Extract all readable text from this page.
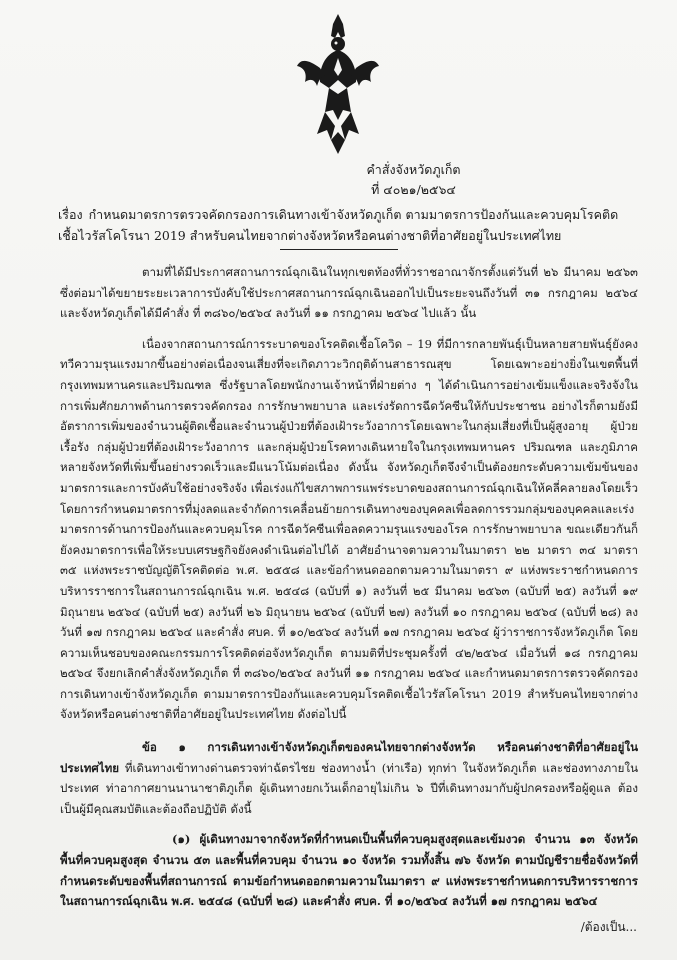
คำสั่งจังหวัดภูเก็ต
ที่ ๔๐๒๑/๒๕๖๔
เรื่อง กำหนดมาตรการตรวจคัดกรองการเดินทางเข้าจังหวัดภูเก็ต ตามมาตรการป้องกันและควบคุมโรคติดเชื้อไวรัสโคโรนา 2019 สำหรับคนไทยจากต่างจังหวัดหรือคนต่างชาติที่อาศัยอยู่ในประเทศไทย

ตามที่ได้มีประกาศสถานการณ์ฉุกเฉินในทุกเขตท้องที่ทั่วราชอาณาจักรตั้งแต่วันที่ ๒๖ มีนาคม ๒๕๖๓ ซึ่งต่อมาได้ขยายระยะเวลาการบังคับใช้ประกาศสถานการณ์ฉุกเฉินออกไปเป็นระยะจนถึงวันที่ ๓๑ กรกฎาคม ๒๕๖๔ และจังหวัดภูเก็ตได้มีคำสั่ง ที่ ๓๘๖๐/๒๕๖๔ ลงวันที่ ๑๑ กรกฎาคม ๒๕๖๔ ไปแล้ว นั้น

เนื่องจากสถานการณ์การระบาดของโรคติดเชื้อโควิด – 19 ที่มีการกลายพันธุ์เป็นหลายสายพันธุ์ยังคงทวีความรุนแรงมากขึ้นอย่างต่อเนื่องจนเสี่ยงที่จะเกิดภาวะวิกฤติด้านสาธารณสุข โดยเฉพาะอย่างยิ่งในเขตพื้นที่กรุงเทพมหานครและปริมณฑล ซึ่งรัฐบาลโดยพนักงานเจ้าหน้าที่ฝ่ายต่าง ๆ ได้ดำเนินการอย่างเข้มแข็งและจริงจังในการเพิ่มศักยภาพด้านการตรวจคัดกรอง การรักษาพยาบาล และเร่งรัดการฉีดวัคซีนให้กับประชาชน อย่างไรก็ตามยังมีอัตราการเพิ่มของจำนวนผู้ติดเชื้อและจำนวนผู้ป่วยที่ต้องเฝ้าระวังอาการโดยเฉพาะในกลุ่มเสี่ยงที่เป็นผู้สูงอายุ ผู้ป่วยเรื้อรัง กลุ่มผู้ป่วยที่ต้องเฝ้าระวังอาการ และกลุ่มผู้ป่วยโรคทางเดินหายใจในกรุงเทพมหานคร ปริมณฑล และภูมิภาคหลายจังหวัดที่เพิ่มขึ้นอย่างรวดเร็วและมีแนวโน้มต่อเนื่อง ดังนั้น จังหวัดภูเก็ตจึงจำเป็นต้องยกระดับความเข้มข้นของมาตรการและการบังคับใช้อย่างจริงจัง เพื่อเร่งแก้ไขสภาพการแพร่ระบาดของสถานการณ์ฉุกเฉินให้คลี่คลายลงโดยเร็ว โดยการกำหนดมาตรการที่มุ่งลดและจำกัดการเคลื่อนย้ายการเดินทางของบุคคลเพื่อลดการรวมกลุ่มของบุคคลและเร่งมาตรการด้านการป้องกันและควบคุมโรค การฉีดวัคซีนเพื่อลดความรุนแรงของโรค การรักษาพยาบาล ขณะเดียวกันก็ยังคงมาตรการเพื่อให้ระบบเศรษฐกิจยังคงดำเนินต่อไปได้ อาศัยอำนาจตามความในมาตรา ๒๒ มาตรา ๓๔ มาตรา ๓๕ แห่งพระราชบัญญัติโรคติดต่อ พ.ศ. ๒๕๕๘ และข้อกำหนดออกตามความในมาตรา ๙ แห่งพระราชกำหนดการบริหารราชการในสถานการณ์ฉุกเฉิน พ.ศ. ๒๕๔๘ (ฉบับที่ ๑) ลงวันที่ ๒๕ มีนาคม ๒๕๖๓ (ฉบับที่ ๒๕) ลงวันที่ ๑๙ มิถุนายน ๒๕๖๔ (ฉบับที่ ๒๕) ลงวันที่ ๒๖ มิถุนายน ๒๕๖๔ (ฉบับที่ ๒๗) ลงวันที่ ๑๐ กรกฎาคม ๒๕๖๔ (ฉบับที่ ๒๘) ลงวันที่ ๑๗ กรกฎาคม ๒๕๖๔ และคำสั่ง ศบค. ที่ ๑๐/๒๕๖๔ ลงวันที่ ๑๗ กรกฎาคม ๒๕๖๔ ผู้ว่าราชการจังหวัดภูเก็ต โดยความเห็นชอบของคณะกรรมการโรคติดต่อจังหวัดภูเก็ต ตามมติที่ประชุมครั้งที่ ๔๒/๒๕๖๔ เมื่อวันที่ ๑๘ กรกฎาคม ๒๕๖๔ จึงยกเลิกคำสั่งจังหวัดภูเก็ต ที่ ๓๘๖๐/๒๕๖๔ ลงวันที่ ๑๑ กรกฎาคม ๒๕๖๔ และกำหนดมาตรการตรวจคัดกรองการเดินทางเข้าจังหวัดภูเก็ต ตามมาตรการป้องกันและควบคุมโรคติดเชื้อไวรัสโคโรนา 2019 สำหรับคนไทยจากต่างจังหวัดหรือคนต่างชาติที่อาศัยอยู่ในประเทศไทย ดังต่อไปนี้

ข้อ ๑ การเดินทางเข้าจังหวัดภูเก็ตของคนไทยจากต่างจังหวัด หรือคนต่างชาติที่อาศัยอยู่ในประเทศไทย ที่เดินทางเข้าทางด่านตรวจท่าฉัตรไชย ช่องทางน้ำ (ท่าเรือ) ทุกท่า ในจังหวัดภูเก็ต และช่องทางภายในประเทศ ท่าอากาศยานนานาชาติภูเก็ต ผู้เดินทางยกเว้นเด็กอายุไม่เกิน ๖ ปีที่เดินทางมากับผู้ปกครองหรือผู้ดูแล ต้องเป็นผู้มีคุณสมบัติและต้องถือปฏิบัติ ดังนี้

(๑) ผู้เดินทางมาจากจังหวัดที่กำหนดเป็นพื้นที่ควบคุมสูงสุดและเข้มงวด จำนวน ๑๓ จังหวัด พื้นที่ควบคุมสูงสุด จำนวน ๕๓ และพื้นที่ควบคุม จำนวน ๑๐ จังหวัด รวมทั้งสิ้น ๗๖ จังหวัด ตามบัญชีรายชื่อจังหวัดที่กำหนดระดับของพื้นที่สถานการณ์ ตามข้อกำหนดออกตามความในมาตรา ๙ แห่งพระราชกำหนดการบริหารราชการในสถานการณ์ฉุกเฉิน พ.ศ. ๒๕๔๘ (ฉบับที่ ๒๘) และคำสั่ง ศบค. ที่ ๑๐/๒๕๖๔ ลงวันที่ ๑๗ กรกฎาคม ๒๕๖๔

/ต้องเป็น...
